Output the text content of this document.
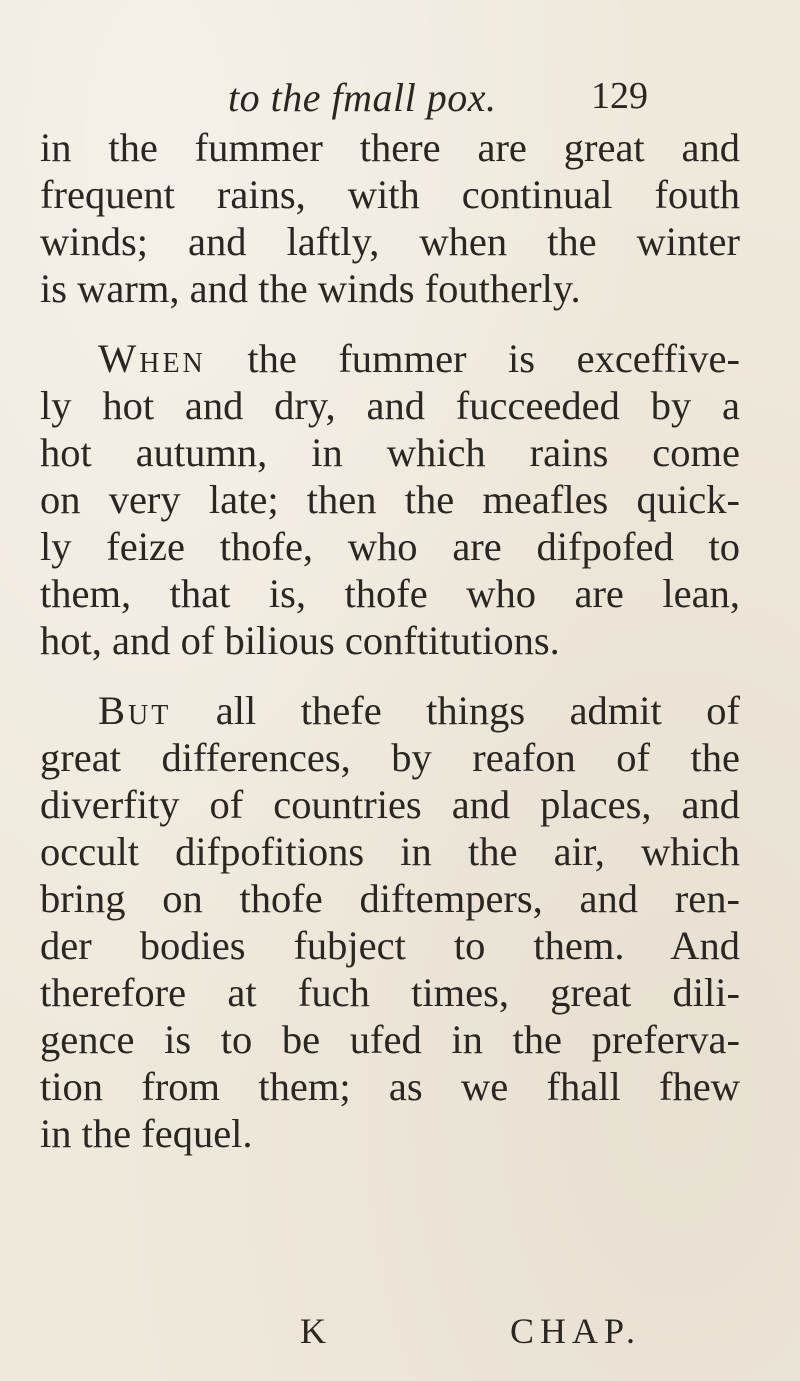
to the fmall pox. 129
in the fummer there are great and
frequent rains, with continual fouth
winds; and laftly, when the winter
is warm, and the winds foutherly.
When the fummer is exceffive-
ly hot and dry, and fucceeded by a
hot autumn, in which rains come
on very late; then the meafles quick-
ly feize thofe, who are difpofed to
them, that is, thofe who are lean,
hot, and of bilious conftitutions.
But all thefe things admit of
great differences, by reafon of the
diverfity of countries and places, and
occult difpofitions in the air, which
bring on thofe diftempers, and ren-
der bodies fubject to them. And
therefore at fuch times, great dili-
gence is to be ufed in the preferva-
tion from them; as we fhall fhew
in the fequel.
K	CHAP.
